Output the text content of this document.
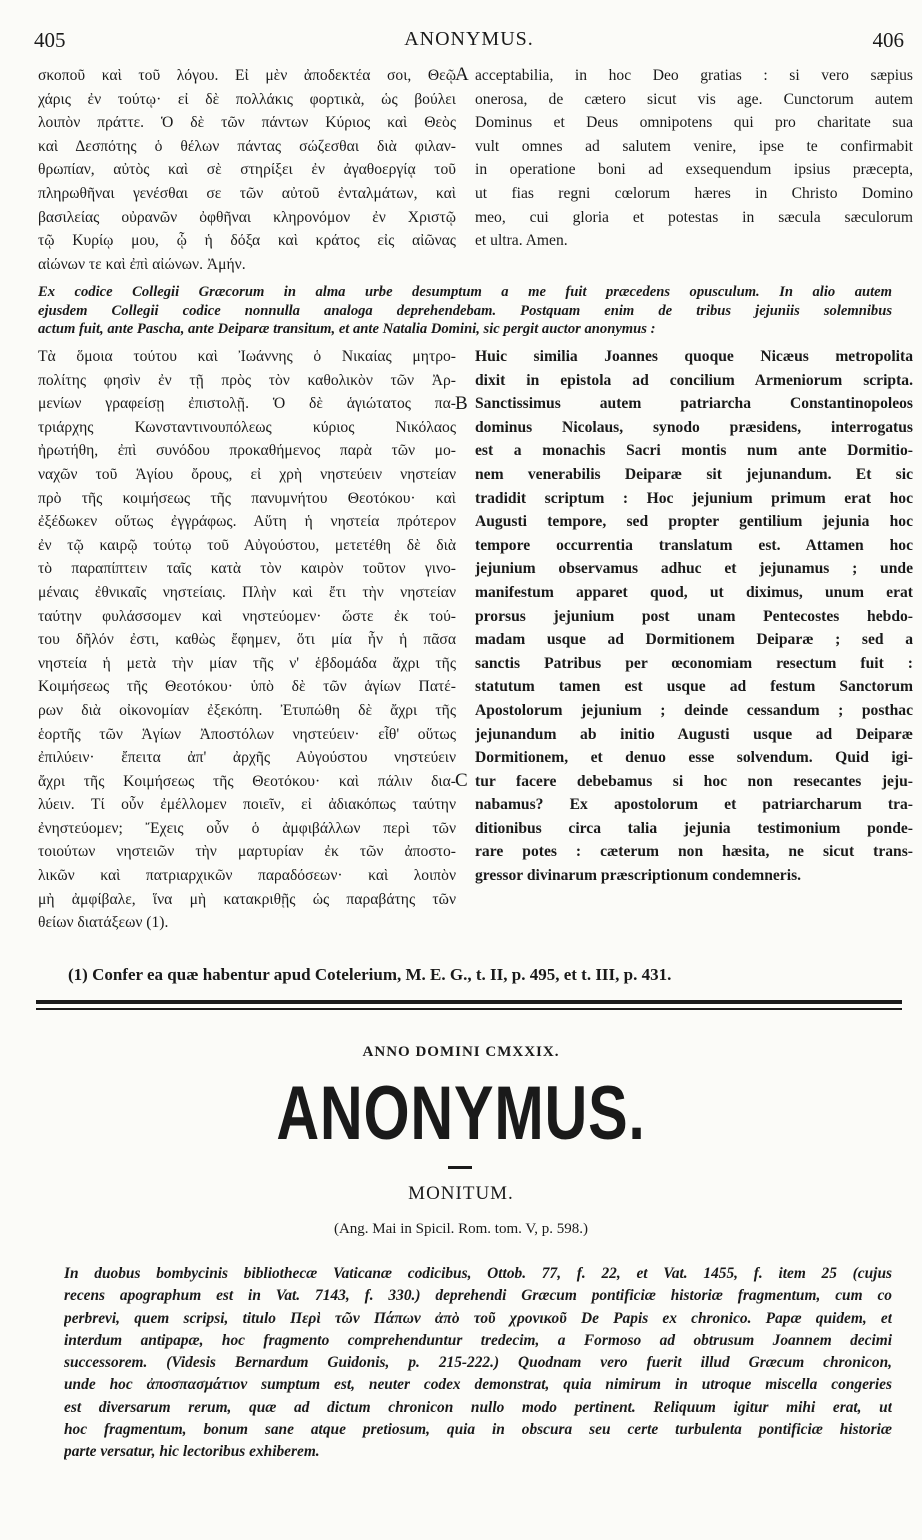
405	ANONYMUS.	406
σκοποῦ καὶ τοῦ λόγου. Εἰ μὲν ἀποδεκτέα σοι, Θεῷ
χάρις ἐν τούτῳ· εἰ δὲ πολλάκις φορτικὰ, ὡς βούλει
λοιπὸν πράττε. Ὁ δὲ τῶν πάντων Κύριος καὶ Θεὸς
καὶ Δεσπότης ὁ θέλων πάντας σώζεσθαι διὰ φιλαν-
θρωπίαν, αὐτὸς καὶ σὲ στηρίξει ἐν ἀγαθοεργίᾳ τοῦ
πληρωθῆναι γενέσθαι σε τῶν αὐτοῦ ἐνταλμάτων, καὶ
βασιλείας οὐρανῶν ὀφθῆναι κληρονόμον ἐν Χριστῷ
τῷ Κυρίῳ μου, ᾧ ἡ δόξα καὶ κράτος εἰς αἰῶνας
αἰώνων τε καὶ ἐπὶ αἰώνων. Ἀμήν.
acceptabilia, in hoc Deo gratias : si vero sæpius
onerosa, de cætero sicut vis age. Cunctorum autem
Dominus et Deus omnipotens qui pro charitate sua
vult omnes ad salutem venire, ipse te confirmabit
in operatione boni ad exsequendum ipsius præcepta,
ut fias regni cœlorum hæres in Christo Domino
meo, cui gloria et potestas in sæcula sæculorum
et ultra. Amen.
A
Ex codice Collegii Græcorum in alma urbe desumptum a me fuit præcedens opusculum. In alio autem
ejusdem Collegii codice nonnulla analoga deprehendebam. Postquam enim de tribus jejuniis solemnibus
actum fuit, ante Pascha, ante Deiparæ transitum, et ante Natalia Domini, sic pergit auctor anonymus :
Τὰ ὅμοια τούτου καὶ Ἰωάννης ὁ Νικαίας μητρο-
πολίτης φησὶν ἐν τῇ πρὸς τὸν καθολικὸν τῶν Ἀρ-
μενίων γραφείσῃ ἐπιστολῇ. Ὁ δὲ ἁγιώτατος πα-
τριάρχης Κωνσταντινουπόλεως κύριος Νικόλαος
ἠρωτήθη, ἐπὶ συνόδου προκαθήμενος παρὰ τῶν μο-
ναχῶν τοῦ Ἁγίου ὄρους, εἰ χρὴ νηστεύειν νηστείαν
πρὸ τῆς κοιμήσεως τῆς πανυμνήτου Θεοτόκου· καὶ
ἐξέδωκεν οὕτως ἐγγράφως. Αὕτη ἡ νηστεία πρότερον
ἐν τῷ καιρῷ τούτῳ τοῦ Αὐγούστου, μετετέθη δὲ διὰ
τὸ παραπίπτειν ταῖς κατὰ τὸν καιρὸν τοῦτον γινο-
μέναις ἐθνικαῖς νηστείαις. Πλὴν καὶ ἔτι τὴν νηστείαν
ταύτην φυλάσσομεν καὶ νηστεύομεν· ὥστε ἐκ τού-
του δῆλόν ἐστι, καθὼς ἔφημεν, ὅτι μία ἦν ἡ πᾶσα
νηστεία ἡ μετὰ τὴν μίαν τῆς ν' ἑβδομάδα ἄχρι τῆς
Κοιμήσεως τῆς Θεοτόκου· ὑπὸ δὲ τῶν ἁγίων Πατέ-
ρων διὰ οἰκονομίαν ἐξεκόπη. Ἐτυπώθη δὲ ἄχρι τῆς
ἑορτῆς τῶν Ἁγίων Ἀποστόλων νηστεύειν· εἶθ' οὕτως
ἐπιλύειν· ἔπειτα ἀπ' ἀρχῆς Αὐγούστου νηστεύειν
ἄχρι τῆς Κοιμήσεως τῆς Θεοτόκου· καὶ πάλιν δια-
λύειν. Τί οὖν ἐμέλλομεν ποιεῖν, εἰ ἀδιακόπως ταύτην
ἐνηστεύομεν; Ἔχεις οὖν ὁ ἀμφιβάλλων περὶ τῶν
τοιούτων νηστειῶν τὴν μαρτυρίαν ἐκ τῶν ἀποστο-
λικῶν καὶ πατριαρχικῶν παραδόσεων· καὶ λοιπὸν
μὴ ἀμφίβαλε, ἵνα μὴ κατακριθῇς ὡς παραβάτης τῶν
θείων διατάξεων (1).
Huic similia Joannes quoque Nicæus metropolita
dixit in epistola ad concilium Armeniorum scripta.
Sanctissimus autem patriarcha Constantinopoleos
dominus Nicolaus, synodo præsidens, interrogatus
est a monachis Sacri montis num ante Dormitio-
nem venerabilis Deiparæ sit jejunandum. Et sic
tradidit scriptum : Hoc jejunium primum erat hoc
Augusti tempore, sed propter gentilium jejunia hoc
tempore occurrentia translatum est. Attamen hoc
jejunium observamus adhuc et jejunamus ; unde
manifestum apparet quod, ut diximus, unum erat
prorsus jejunium post unam Pentecostes hebdo-
madam usque ad Dormitionem Deiparæ ; sed a
sanctis Patribus per œconomiam resectum fuit :
statutum tamen est usque ad festum Sanctorum
Apostolorum jejunium ; deinde cessandum ; posthac
jejunandum ab initio Augusti usque ad Deiparæ
Dormitionem, et denuo esse solvendum. Quid igi-
tur facere debebamus si hoc non resecantes jeju-
nabamus? Ex apostolorum et patriarcharum tra-
ditionibus circa talia jejunia testimonium ponde-
rare potes : cæterum non hæsita, ne sicut trans-
gressor divinarum præscriptionum condemneris.
B
C
(1) Confer ea quæ habentur apud Cotelerium, M. E. G., t. II, p. 495, et t. III, p. 431.
ANNO DOMINI CMXXIX.
ANONYMUS.
MONITUM.
(Ang. Mai in Spicil. Rom. tom. V, p. 598.)
In duobus bombycinis bibliothecæ Vaticanæ codicibus, Ottob. 77, f. 22, et Vat. 1455, f. item 25 (cujus
recens apographum est in Vat. 7143, f. 330.) deprehendi Græcum pontificiæ historiæ fragmentum, cum co
perbrevi, quem scripsi, titulo Περὶ τῶν Πάπων ἀπὸ τοῦ χρονικοῦ De Papis ex chronico. Papæ quidem, et
interdum antipapæ, hoc fragmento comprehenduntur tredecim, a Formoso ad obtrusum Joannem decimi
successorem. (Videsis Bernardum Guidonis, p. 215-222.) Quodnam vero fuerit illud Græcum chronicon,
unde hoc ἀποσπασμάτιον sumptum est, neuter codex demonstrat, quia nimirum in utroque miscella congeries
est diversarum rerum, quæ ad dictum chronicon nullo modo pertinent. Reliquum igitur mihi erat, ut
hoc fragmentum, bonum sane atque pretiosum, quia in obscura seu certe turbulenta pontificiæ historiæ
parte versatur, hic lectoribus exhiberem.
